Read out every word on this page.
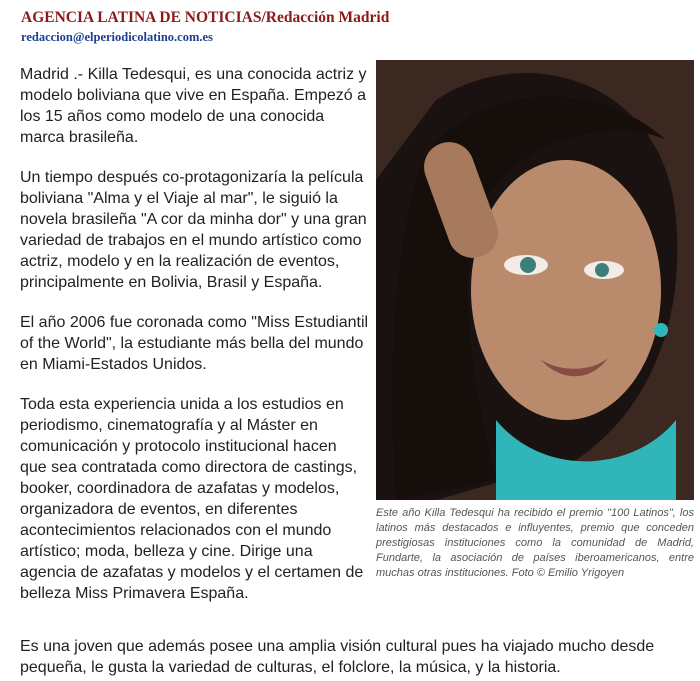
AGENCIA LATINA DE NOTICIAS/Redacción Madrid
redaccion@elperiodicolatino.com.es

Madrid .- Killa Tedesqui, es una conocida actriz y modelo boliviana que vive en España. Empezó a los 15 años como modelo de una conocida marca brasileña.

Un tiempo después co-protagonizaría la película boliviana "Alma y el Viaje al mar", le siguió la novela brasileña "A cor da minha dor" y una gran variedad de trabajos en el mundo artístico como actriz, modelo y en la realización de eventos, principalmente en Bolivia, Brasil y España.

El año 2006 fue coronada como "Miss Estudiantil of the World", la estudiante más bella del mundo en Miami-Estados Unidos.

Toda esta experiencia unida a los estudios en periodismo, cinematografía y al Máster en comunicación y protocolo institucional hacen que sea contratada como directora de castings, booker, coordinadora de azafatas y modelos, organizadora de eventos, en diferentes acontecimientos relacionados con el mundo artístico; moda, belleza y cine. Dirige una agencia de azafatas y modelos y el certamen de belleza Miss Primavera España.

Este año Killa Tedesqui ha recibido el premio "100 Latinos", los latinos más destacados e influyentes, premio que conceden prestigiosas instituciones como la comunidad de Madrid, Fundarte, la asociación de países iberoamericanos, entre muchas otras instituciones. Foto © Emilio Yrigoyen

Es una joven que además posee una amplia visión cultural pues ha viajado mucho desde pequeña, le gusta la variedad de culturas, el folclore, la música, y la historia.
